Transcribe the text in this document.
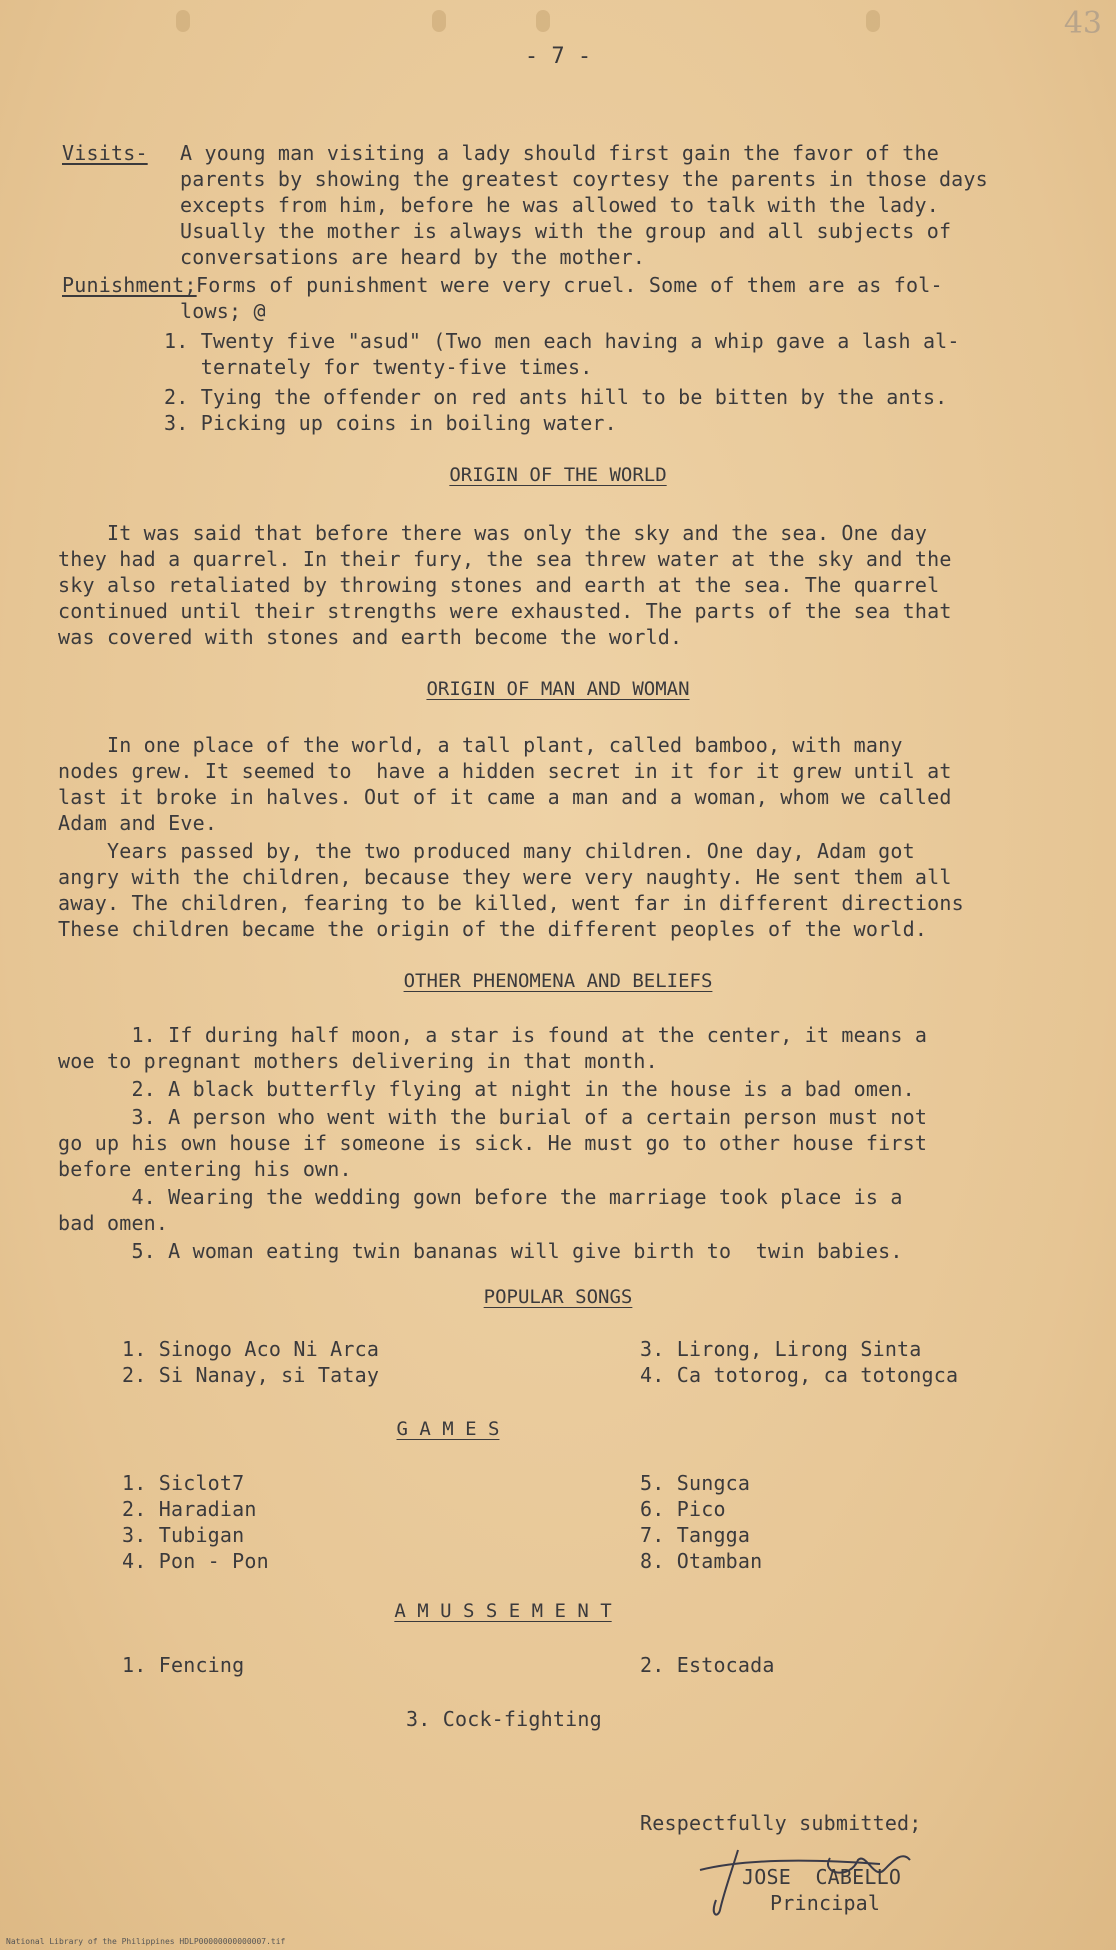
43
- 7 -
Visits- A young man visiting a lady should first gain the favor of the
parents by showing the greatest coyrtesy the parents in those days
excepts from him, before he was allowed to talk with the lady.
Usually the mother is always with the group and all subjects of
conversations are heard by the mother.
Punishment; Forms of punishment were very cruel. Some of them are as fol-
lows; @
1. Twenty five "asud" (Two men each having a whip gave a lash al-
ternately for twenty-five times.
2. Tying the offender on red ants hill to be bitten by the ants.
3. Picking up coins in boiling water.
ORIGIN OF THE WORLD
It was said that before there was only the sky and the sea. One day
they had a quarrel. In their fury, the sea threw water at the sky and the
sky also retaliated by throwing stones and earth at the sea. The quarrel
continued until their strengths were exhausted. The parts of the sea that
was covered with stones and earth become the world.
ORIGIN OF MAN AND WOMAN
In one place of the world, a tall plant, called bamboo, with many
nodes grew. It seemed to  have a hidden secret in it for it grew until at
last it broke in halves. Out of it came a man and a woman, whom we called
Adam and Eve.
Years passed by, the two produced many children. One day, Adam got
angry with the children, because they were very naughty. He sent them all
away. The children, fearing to be killed, went far in different directions
These children became the origin of the different peoples of the world.
OTHER PHENOMENA AND BELIEFS
1. If during half moon, a star is found at the center, it means a
woe to pregnant mothers delivering in that month.
2. A black butterfly flying at night in the house is a bad omen.
3. A person who went with the burial of a certain person must not
go up his own house if someone is sick. He must go to other house first
before entering his own.
4. Wearing the wedding gown before the marriage took place is a
bad omen.
5. A woman eating twin bananas will give birth to  twin babies.
POPULAR SONGS
1. Sinogo Aco Ni Arca
2. Si Nanay, si Tatay
3. Lirong, Lirong Sinta
4. Ca totorog, ca totongca
G A M E S
1. Siclot7
2. Haradian
3. Tubigan
4. Pon - Pon
5. Sungca
6. Pico
7. Tangga
8. Otamban
A M U S S E M E N T
1. Fencing	2. Estocada
3. Cock-fighting
Respectfully submitted;
JOSE  CABELLO
Principal
National Library of the Philippines HDLP00000000000007.tif
